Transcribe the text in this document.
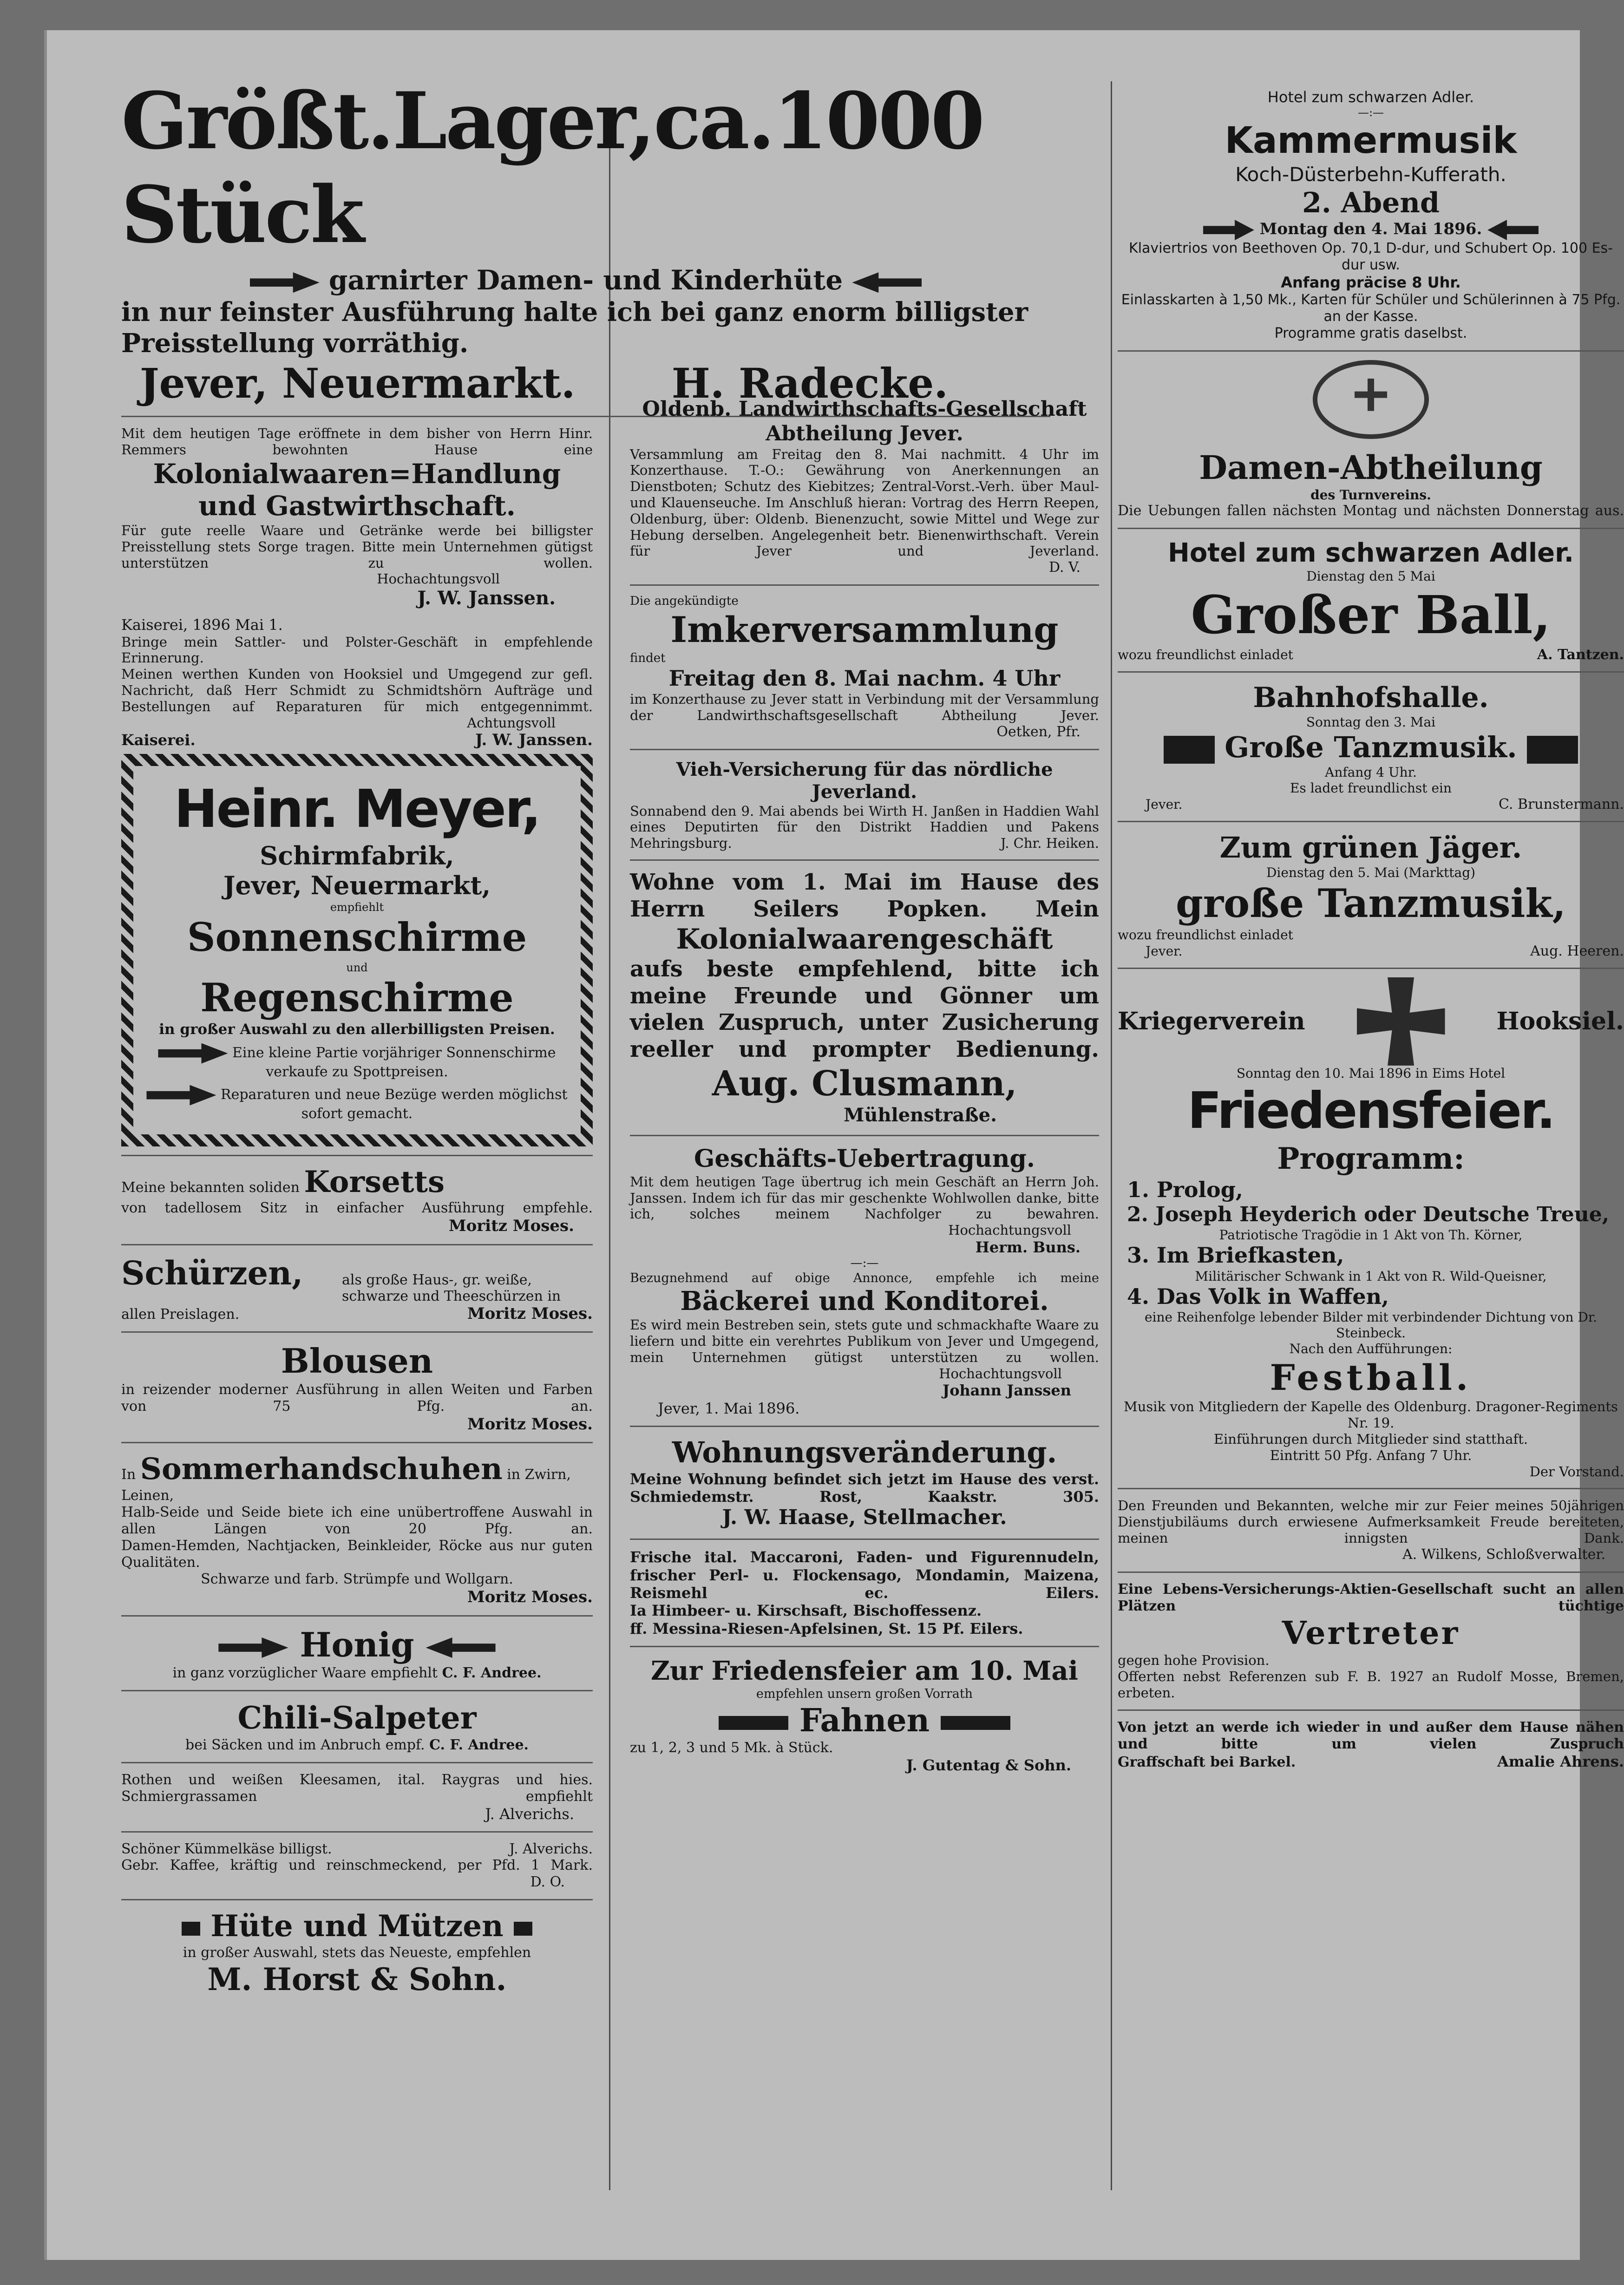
Größt.Lager,ca.1000 Stück

garnirter Damen- und Kinderhüte

in nur feinster Ausführung halte ich bei ganz enorm billigster

Preisstellung vorräthig.

Jever, Neuermarkt. H. Radecke.

Mit dem heutigen Tage eröffnete in dem bisher von Herrn Hinr. Remmers bewohnten Hause eine

Kolonialwaaren=Handlung

und Gastwirthschaft.

Für gute reelle Waare und Getränke werde bei billigster Preisstellung stets Sorge tragen. Bitte mein Unternehmen gütigst unterstützen zu wollen.

Hochachtungsvoll

J. W. Janssen.

Kaiserei, 1896 Mai 1.

Bringe mein Sattler- und Polster-Geschäft in empfehlende Erinnerung.

Meinen werthen Kunden von Hooksiel und Umgegend zur gefl. Nachricht, daß Herr Schmidt zu Schmidtshörn Aufträge und Bestellungen auf Reparaturen für mich entgegennimmt.

Achtungsvoll

Kaiserei.	J. W. Janssen.

Heinr. Meyer,

Schirmfabrik,

Jever, Neuermarkt,

empfiehlt

Sonnenschirme

und

Regenschirme

in großer Auswahl zu den allerbilligsten Preisen.

Eine kleine Partie vorjähriger Sonnenschirme verkaufe zu Spottpreisen.

Reparaturen und neue Bezüge werden möglichst sofort gemacht.

Meine bekannten soliden Korsetts

von tadellosem Sitz in einfacher Ausführung empfehle.

Moritz Moses.

Schürzen,	als große Haus-, gr. weiße, schwarze und Theeschürzen in
allen Preislagen.	Moritz Moses.

Blousen

in reizender moderner Ausführung in allen Weiten und Farben von 75 Pfg. an.

Moritz Moses.

In Sommerhandschuhen in Zwirn, Leinen,

Halb-Seide und Seide biete ich eine unübertroffene Auswahl in allen Längen von 20 Pfg. an.

Damen-Hemden, Nachtjacken, Beinkleider, Röcke aus nur guten Qualitäten.

Schwarze und farb. Strümpfe und Wollgarn.

Moritz Moses.

Honig

in ganz vorzüglicher Waare empfiehlt C. F. Andree.

Chili-Salpeter

bei Säcken und im Anbruch empf. C. F. Andree.

Rothen und weißen Kleesamen, ital. Raygras und hies. Schmiergrassamen empfiehlt

J. Alverichs.

Schöner Kümmelkäse billigst.	J. Alverichs.

Gebr. Kaffee, kräftig und reinschmeckend, per Pfd. 1 Mark.

D. O.

Hüte und Mützen

in großer Auswahl, stets das Neueste, empfehlen

M. Horst & Sohn.

Oldenb. Landwirthschafts-Gesellschaft

Abtheilung Jever.

Versammlung am Freitag den 8. Mai nachmitt. 4 Uhr im Konzerthause. T.-O.: Gewährung von Anerkennungen an Dienstboten; Schutz des Kiebitzes; Zentral-Vorst.-Verh. über Maul- und Klauenseuche. Im Anschluß hieran: Vortrag des Herrn Reepen, Oldenburg, über: Oldenb. Bienenzucht, sowie Mittel und Wege zur Hebung derselben. Angelegenheit betr. Bienenwirthschaft. Verein für Jever und Jeverland.

D. V.

Die angekündigte

Imkerversammlung

findet

Freitag den 8. Mai nachm. 4 Uhr

im Konzerthause zu Jever statt in Verbindung mit der Versammlung der Landwirthschaftsgesellschaft Abtheilung Jever.

Oetken, Pfr.

Vieh-Versicherung für das nördliche

Jeverland.

Sonnabend den 9. Mai abends bei Wirth H. Janßen in Haddien Wahl eines Deputirten für den Distrikt Haddien und Pakens

Mehringsburg.	J. Chr. Heiken.

Wohne vom 1. Mai im Hause des Herrn Seilers Popken. Mein

Kolonialwaarengeschäft

aufs beste empfehlend, bitte ich meine Freunde und Gönner um vielen Zuspruch, unter Zusicherung reeller und prompter Bedienung.

Aug. Clusmann,

Mühlenstraße.

Geschäfts-Uebertragung.

Mit dem heutigen Tage übertrug ich mein Geschäft an Herrn Joh. Janssen. Indem ich für das mir geschenkte Wohlwollen danke, bitte ich, solches meinem Nachfolger zu bewahren.

Hochachtungsvoll

Herm. Buns.

—:—

Bezugnehmend auf obige Annonce, empfehle ich meine

Bäckerei und Konditorei.

Es wird mein Bestreben sein, stets gute und schmackhafte Waare zu liefern und bitte ein verehrtes Publikum von Jever und Umgegend, mein Unternehmen gütigst unterstützen zu wollen.

Hochachtungsvoll

Johann Janssen

Jever, 1. Mai 1896.

Wohnungsveränderung.

Meine Wohnung befindet sich jetzt im Hause des verst. Schmiedemstr. Rost, Kaakstr. 305.

J. W. Haase, Stellmacher.

Frische ital. Maccaroni, Faden- und Figurennudeln, frischer Perl- u. Flockensago, Mondamin, Maizena, Reismehl ec.	Eilers.

Ia Himbeer- u. Kirschsaft, Bischoffessenz.

ff. Messina-Riesen-Apfelsinen, St. 15 Pf. Eilers.

Zur Friedensfeier am 10. Mai

empfehlen unsern großen Vorrath

Fahnen

zu 1, 2, 3 und 5 Mk. à Stück.

J. Gutentag & Sohn.

Hotel zum schwarzen Adler.

—:—

Kammermusik

Koch-Düsterbehn-Kufferath.

2. Abend

Montag den 4. Mai 1896.

Klaviertrios von Beethoven Op. 70,1 D-dur, und Schubert Op. 100 Es-dur usw.

Anfang präcise 8 Uhr.

Einlasskarten à 1,50 Mk., Karten für Schüler und Schülerinnen à 75 Pfg. an der Kasse.

Programme gratis daselbst.

Damen-Abtheilung

des Turnvereins.

Die Uebungen fallen nächsten Montag und nächsten Donnerstag aus.

Hotel zum schwarzen Adler.

Dienstag den 5 Mai

Großer Ball,

wozu freundlichst einladet	A. Tantzen.

Bahnhofshalle.

Sonntag den 3. Mai

Große Tanzmusik.

Anfang 4 Uhr.

Es ladet freundlichst ein

Jever.	C. Brunstermann.

Zum grünen Jäger.

Dienstag den 5. Mai (Markttag)

große Tanzmusik,

wozu freundlichst einladet

Jever.	Aug. Heeren.
Kriegerverein	Hooksiel.

Sonntag den 10. Mai 1896 in Eims Hotel

Friedensfeier.

Programm:

1. Prolog,

2. Joseph Heyderich oder Deutsche Treue,

Patriotische Tragödie in 1 Akt von Th. Körner,

3. Im Briefkasten,

Militärischer Schwank in 1 Akt von R. Wild-Queisner,

4. Das Volk in Waffen,

eine Reihenfolge lebender Bilder mit verbindender Dichtung von Dr. Steinbeck.

Nach den Aufführungen:

Festball.

Musik von Mitgliedern der Kapelle des Oldenburg. Dragoner-Regiments Nr. 19.

Einführungen durch Mitglieder sind statthaft.

Eintritt 50 Pfg. Anfang 7 Uhr.

Der Vorstand.

Den Freunden und Bekannten, welche mir zur Feier meines 50jährigen Dienstjubiläums durch erwiesene Aufmerksamkeit Freude bereiteten, meinen innigsten Dank.

A. Wilkens, Schloßverwalter.

Eine Lebens-Versicherungs-Aktien-Gesellschaft sucht an allen Plätzen tüchtige

Vertreter

gegen hohe Provision.

Offerten nebst Referenzen sub F. B. 1927 an Rudolf Mosse, Bremen, erbeten.

Von jetzt an werde ich wieder in und außer dem Hause nähen und bitte um vielen Zuspruch

Graffschaft bei Barkel.	Amalie Ahrens.
